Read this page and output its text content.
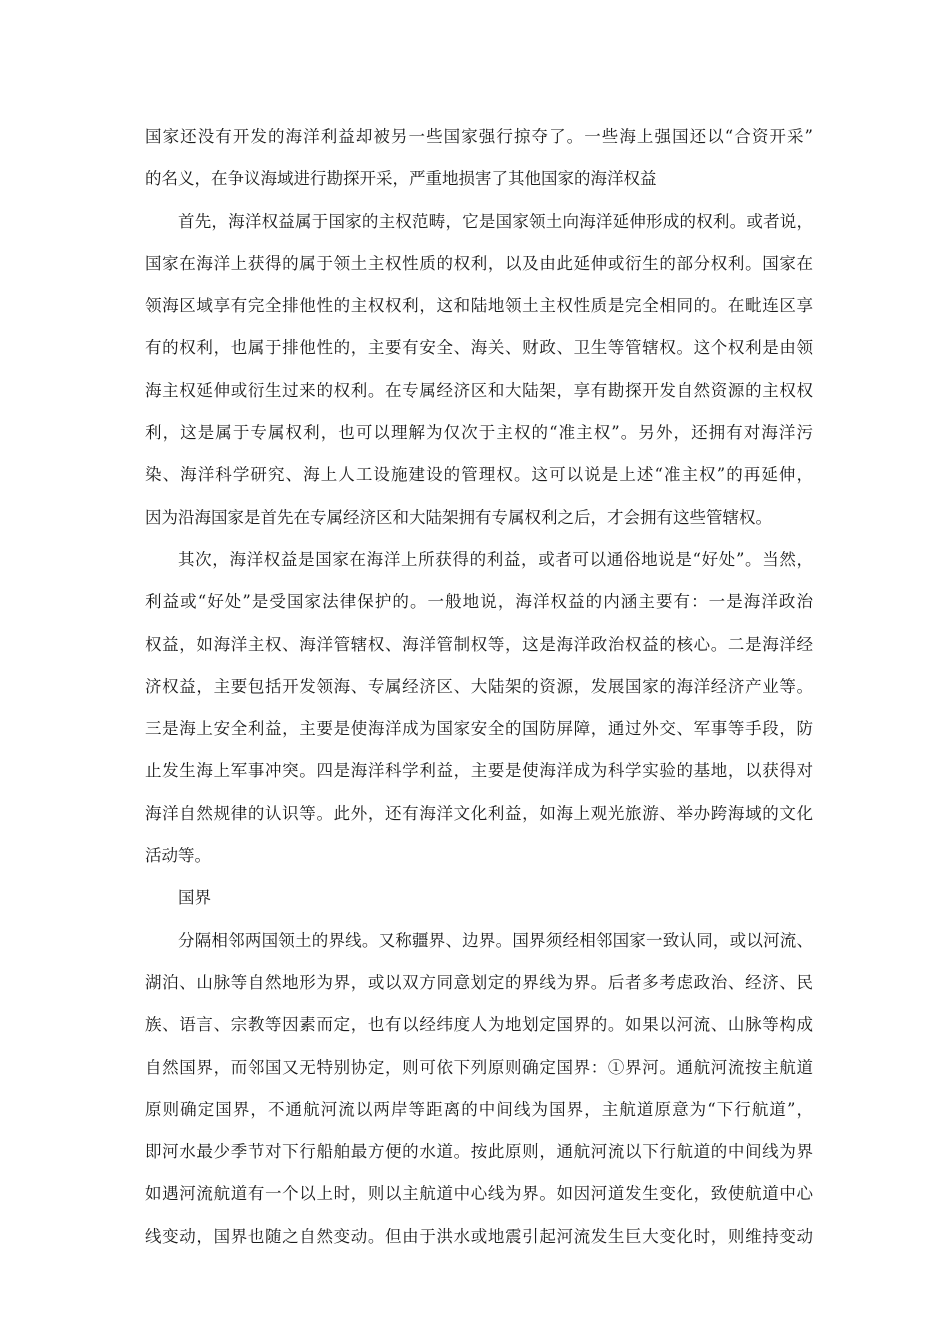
国家还没有开发的海洋利益却被另一些国家强行掠夺了。一些海上强国还以“合资开采”
的名义，在争议海域进行勘探开采，严重地损害了其他国家的海洋权益
首先，海洋权益属于国家的主权范畴，它是国家领土向海洋延伸形成的权利。或者说，
国家在海洋上获得的属于领土主权性质的权利，以及由此延伸或衍生的部分权利。国家在
领海区域享有完全排他性的主权权利，这和陆地领土主权性质是完全相同的。在毗连区享
有的权利，也属于排他性的，主要有安全、海关、财政、卫生等管辖权。这个权利是由领
海主权延伸或衍生过来的权利。在专属经济区和大陆架，享有勘探开发自然资源的主权权
利，这是属于专属权利，也可以理解为仅次于主权的“准主权”。另外，还拥有对海洋污
染、海洋科学研究、海上人工设施建设的管理权。这可以说是上述“准主权”的再延伸，
因为沿海国家是首先在专属经济区和大陆架拥有专属权利之后，才会拥有这些管辖权。
其次，海洋权益是国家在海洋上所获得的利益，或者可以通俗地说是“好处”。当然，
利益或“好处”是受国家法律保护的。一般地说，海洋权益的内涵主要有：一是海洋政治
权益，如海洋主权、海洋管辖权、海洋管制权等，这是海洋政治权益的核心。二是海洋经
济权益，主要包括开发领海、专属经济区、大陆架的资源，发展国家的海洋经济产业等。
三是海上安全利益，主要是使海洋成为国家安全的国防屏障，通过外交、军事等手段，防
止发生海上军事冲突。四是海洋科学利益，主要是使海洋成为科学实验的基地，以获得对
海洋自然规律的认识等。此外，还有海洋文化利益，如海上观光旅游、举办跨海域的文化
活动等。
国界
分隔相邻两国领土的界线。又称疆界、边界。国界须经相邻国家一致认同，或以河流、
湖泊、山脉等自然地形为界，或以双方同意划定的界线为界。后者多考虑政治、经济、民
族、语言、宗教等因素而定，也有以经纬度人为地划定国界的。如果以河流、山脉等构成
自然国界，而邻国又无特别协定，则可依下列原则确定国界：①界河。通航河流按主航道
原则确定国界，不通航河流以两岸等距离的中间线为国界，主航道原意为“下行航道”，
即河水最少季节对下行船舶最方便的水道。按此原则，通航河流以下行航道的中间线为界
如遇河流航道有一个以上时，则以主航道中心线为界。如因河道发生变化，致使航道中心
线变动，国界也随之自然变动。但由于洪水或地震引起河流发生巨大变化时，则维持变动
